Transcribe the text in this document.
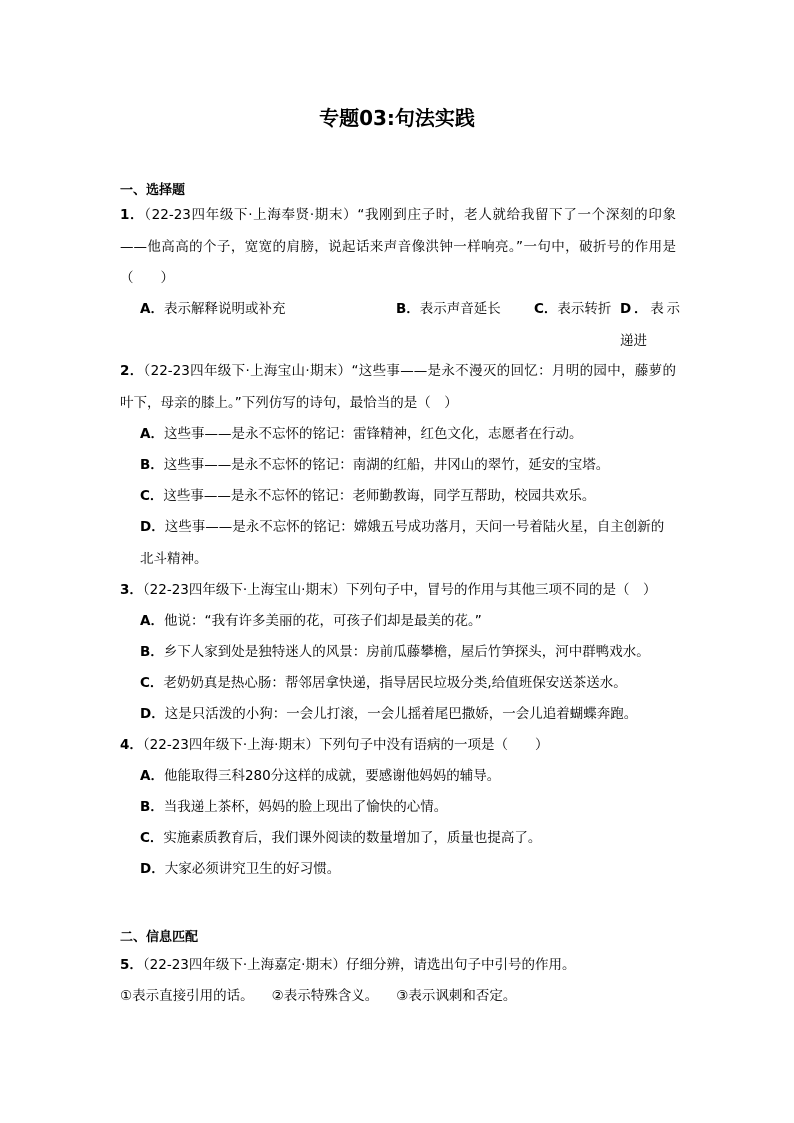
专题03:句法实践
一、选择题
1．（22-23四年级下·上海奉贤·期末）“我刚到庄子时，老人就给我留下了一个深刻的印象——他高高的个子，宽宽的肩膀，说起话来声音像洪钟一样响亮。”一句中，破折号的作用是（　　）
A．表示解释说明或补充	B．表示声音延长 C．表示转折 D．表示递进
2．（22-23四年级下·上海宝山·期末）“这些事——是永不漫灭的回忆：月明的园中，藤萝的叶下，母亲的膝上。”下列仿写的诗句，最恰当的是（　）
A．这些事——是永不忘怀的铭记：雷锋精神，红色文化，志愿者在行动。
B．这些事——是永不忘怀的铭记：南湖的红船，井冈山的翠竹，延安的宝塔。
C．这些事——是永不忘怀的铭记：老师勤教诲，同学互帮助，校园共欢乐。
D．这些事——是永不忘怀的铭记：嫦娥五号成功落月，天问一号着陆火星，自主创新的北斗精神。
3．（22-23四年级下·上海宝山·期末）下列句子中，冒号的作用与其他三项不同的是（　）
A．他说：“我有许多美丽的花，可孩子们却是最美的花。”
B．乡下人家到处是独特迷人的风景：房前瓜藤攀檐，屋后竹笋探头，河中群鸭戏水。
C．老奶奶真是热心肠：帮邻居拿快递，指导居民垃圾分类,给值班保安送茶送水。
D．这是只活泼的小狗：一会儿打滚，一会儿摇着尾巴撒娇，一会儿追着蝴蝶奔跑。
4．（22-23四年级下·上海·期末）下列句子中没有语病的一项是（　　）
A．他能取得三科280分这样的成就，要感谢他妈妈的辅导。
B．当我递上茶杯，妈妈的脸上现出了愉快的心情。
C．实施素质教育后，我们课外阅读的数量增加了，质量也提高了。
D．大家必须讲究卫生的好习惯。
二、信息匹配
5．（22-23四年级下·上海嘉定·期末）仔细分辨，请选出句子中引号的作用。
①表示直接引用的话。 ②表示特殊含义。 ③表示讽刺和否定。
